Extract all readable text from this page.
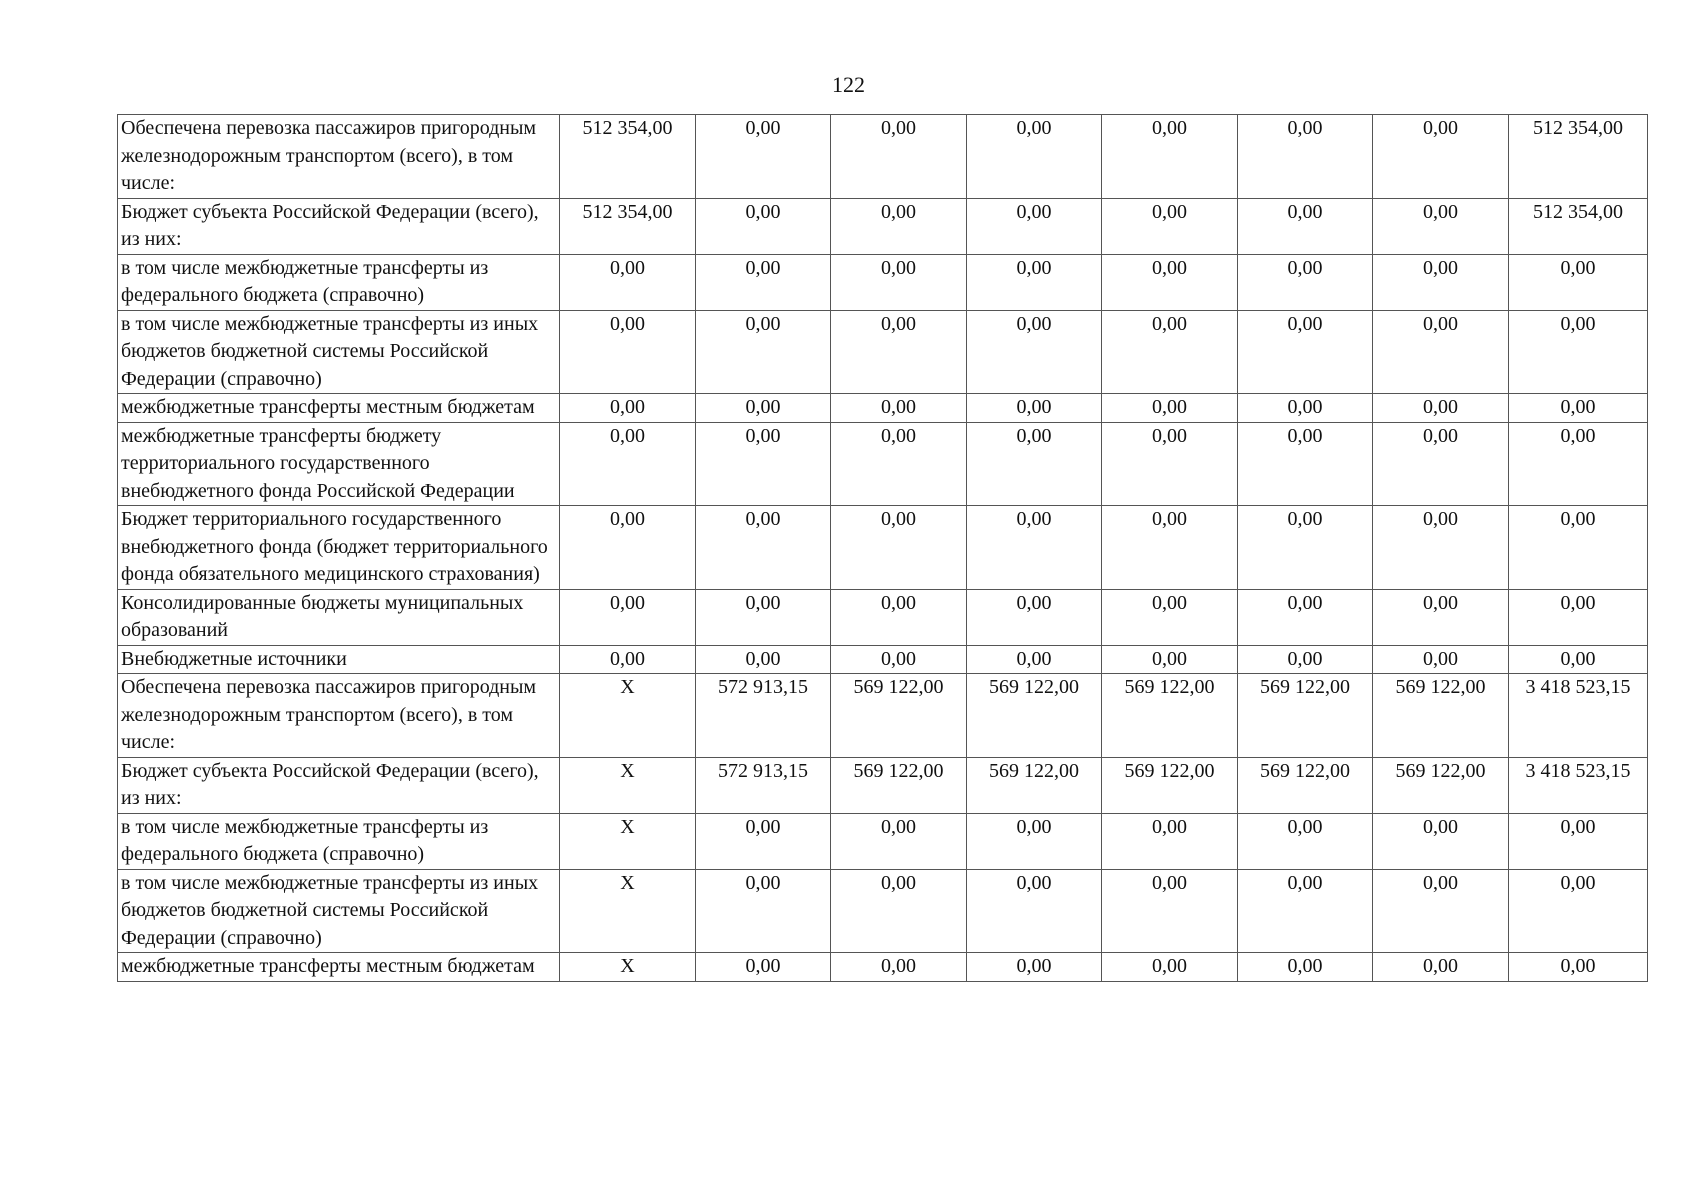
122
Обеспечена перевозка пассажиров пригородным железнодорожным транспортом (всего), в том числе:	512 354,00	0,00	0,00	0,00	0,00	0,00	0,00	512 354,00
Бюджет субъекта Российской Федерации (всего), из них:	512 354,00	0,00	0,00	0,00	0,00	0,00	0,00	512 354,00
в том числе межбюджетные трансферты из федерального бюджета (справочно)	0,00	0,00	0,00	0,00	0,00	0,00	0,00	0,00
в том числе межбюджетные трансферты из иных бюджетов бюджетной системы Российской Федерации (справочно)	0,00	0,00	0,00	0,00	0,00	0,00	0,00	0,00
межбюджетные трансферты местным бюджетам	0,00	0,00	0,00	0,00	0,00	0,00	0,00	0,00
межбюджетные трансферты бюджету территориального государственного внебюджетного фонда Российской Федерации	0,00	0,00	0,00	0,00	0,00	0,00	0,00	0,00
Бюджет территориального государственного внебюджетного фонда (бюджет территориального фонда обязательного медицинского страхования)	0,00	0,00	0,00	0,00	0,00	0,00	0,00	0,00
Консолидированные бюджеты муниципальных образований	0,00	0,00	0,00	0,00	0,00	0,00	0,00	0,00
Внебюджетные источники	0,00	0,00	0,00	0,00	0,00	0,00	0,00	0,00
Обеспечена перевозка пассажиров пригородным железнодорожным транспортом (всего), в том числе:	X	572 913,15	569 122,00	569 122,00	569 122,00	569 122,00	569 122,00	3 418 523,15
Бюджет субъекта Российской Федерации (всего), из них:	X	572 913,15	569 122,00	569 122,00	569 122,00	569 122,00	569 122,00	3 418 523,15
в том числе межбюджетные трансферты из федерального бюджета (справочно)	X	0,00	0,00	0,00	0,00	0,00	0,00	0,00
в том числе межбюджетные трансферты из иных бюджетов бюджетной системы Российской Федерации (справочно)	X	0,00	0,00	0,00	0,00	0,00	0,00	0,00
межбюджетные трансферты местным бюджетам	X	0,00	0,00	0,00	0,00	0,00	0,00	0,00
